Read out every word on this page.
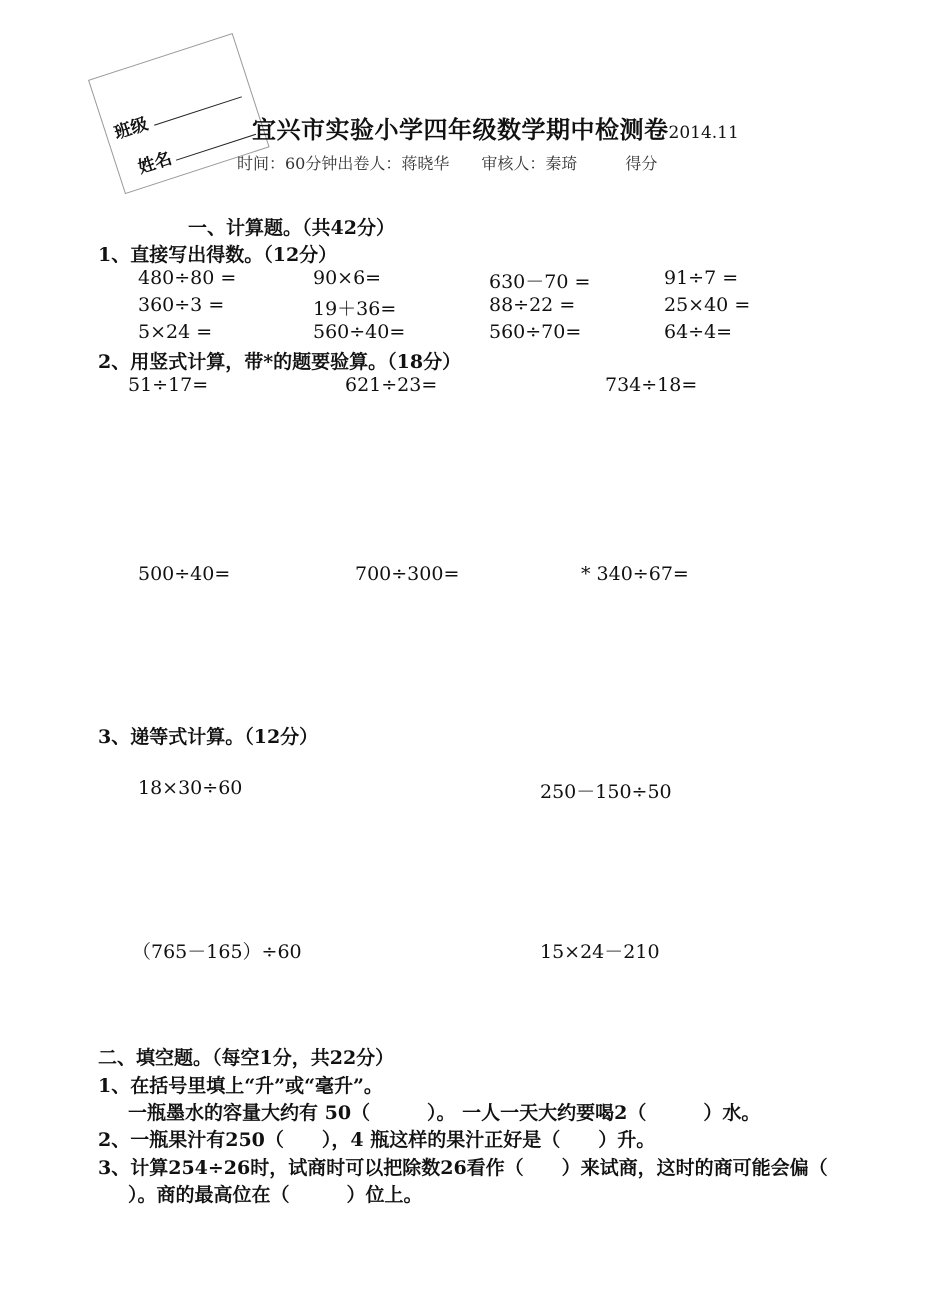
班级
姓名
宜兴市实验小学四年级数学期中检测卷2014.11
时间：60分钟出卷人：蒋晓华　　审核人：秦琦　　　得分
一、计算题。（共42分）
1、直接写出得数。（12分）
480÷80 =	90×6=	630－70 =	91÷7 =
360÷3 =	19＋36=	88÷22 =	25×40 =
5×24 =	560÷40=	560÷70=	64÷4=
2、用竖式计算，带*的题要验算。（18分）
51÷17=	621÷23=	734÷18=
500÷40=	700÷300=	* 340÷67=
3、递等式计算。（12分）
18×30÷60	250－150÷50
（765－165）÷60	15×24－210
二、填空题。（每空1分，共22分）
1、在括号里填上“升”或“毫升”。
一瓶墨水的容量大约有 50（　　　）。 一人一天大约要喝2（　　　）水。
2、一瓶果汁有250（　　），4 瓶这样的果汁正好是（　　）升。
3、计算254÷26时，试商时可以把除数26看作（　　）来试商，这时的商可能会偏（
）。商的最高位在（　　　）位上。
